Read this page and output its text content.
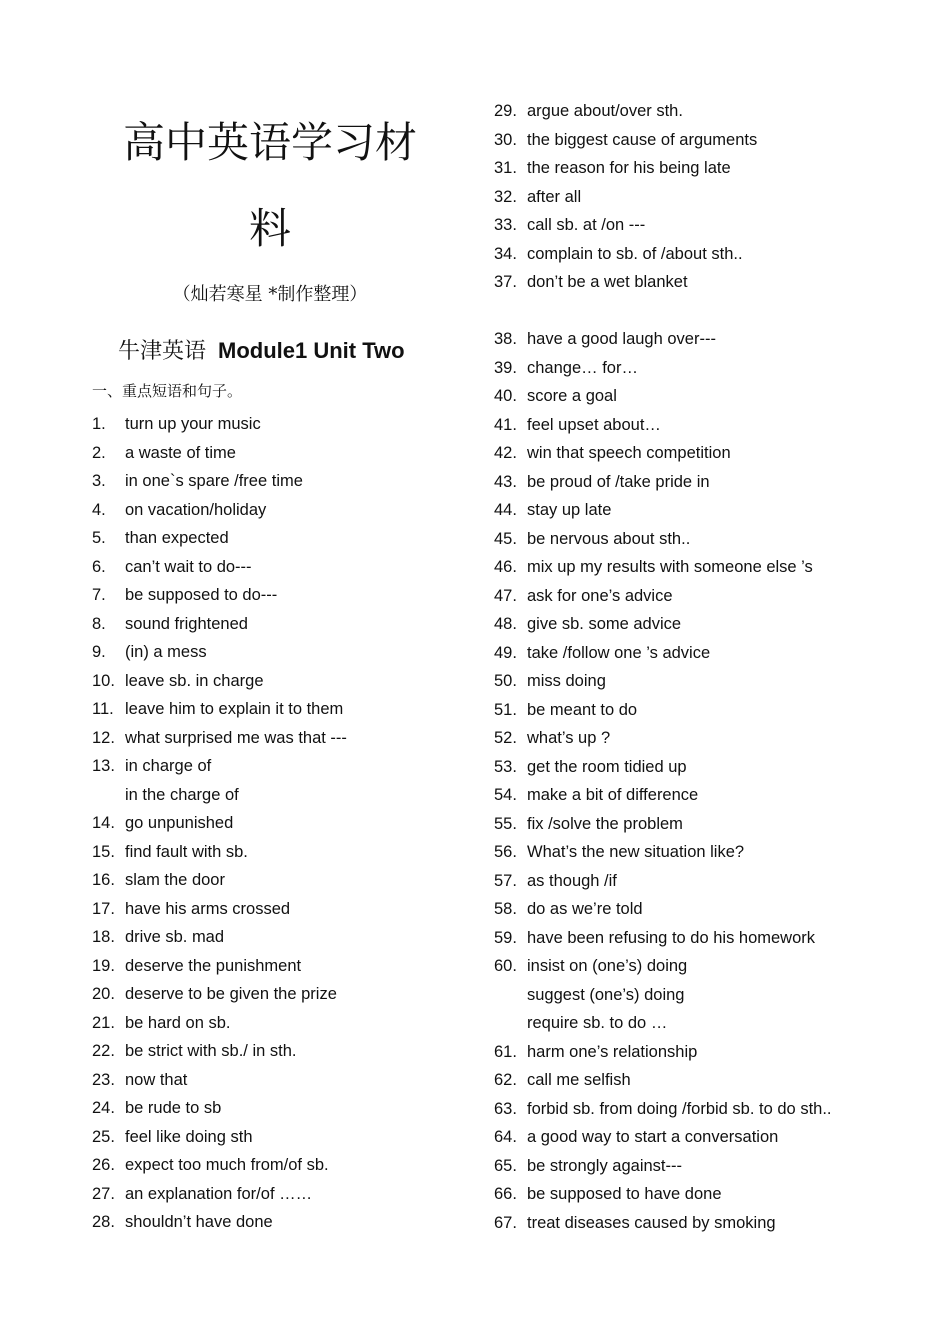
高中英语学习材
料
（灿若寒星 *制作整理）
牛津英语 Module1 Unit Two
一、重点短语和句子。
1. turn up your music
2. a waste of time
3. in one`s spare /free time
4. on vacation/holiday
5. than expected
6. can’t wait to do---
7. be supposed to do---
8. sound frightened
9. (in) a mess
10. leave sb. in charge
11. leave him to explain it to them
12. what surprised me was that ---
13. in charge of
in the charge of
14. go unpunished
15. find fault with sb.
16. slam the door
17. have his arms crossed
18. drive sb. mad
19. deserve the punishment
20. deserve to be given the prize
21. be hard on sb.
22. be strict with sb./ in sth.
23. now that
24. be rude to sb
25. feel like doing sth
26. expect too much from/of sb.
27. an explanation for/of ……
28. shouldn’t have done
29. argue about/over sth.
30. the biggest cause of arguments
31. the reason for his being late
32. after all
33. call sb. at /on ---
34. complain to sb. of /about sth..
37. don’t be a wet blanket
38. have a good laugh over---
39. change… for…
40. score a goal
41. feel upset about…
42. win that speech competition
43. be proud of /take pride in
44. stay up late
45. be nervous about sth..
46. mix up my results with someone else ’s
47. ask for one’s advice
48. give sb. some advice
49. take /follow one ’s advice
50. miss doing
51. be meant to do
52. what’s up ?
53. get the room tidied up
54. make a bit of difference
55. fix /solve the problem
56. What’s the new situation like?
57. as though /if
58. do as we’re told
59. have been refusing to do his homework
60. insist on (one’s) doing
suggest (one’s) doing
require sb. to do …
61. harm one’s relationship
62. call me selfish
63. forbid sb. from doing /forbid sb. to do sth..
64. a good way to start a conversation
65. be strongly against---
66. be supposed to have done
67. treat diseases caused by smoking
